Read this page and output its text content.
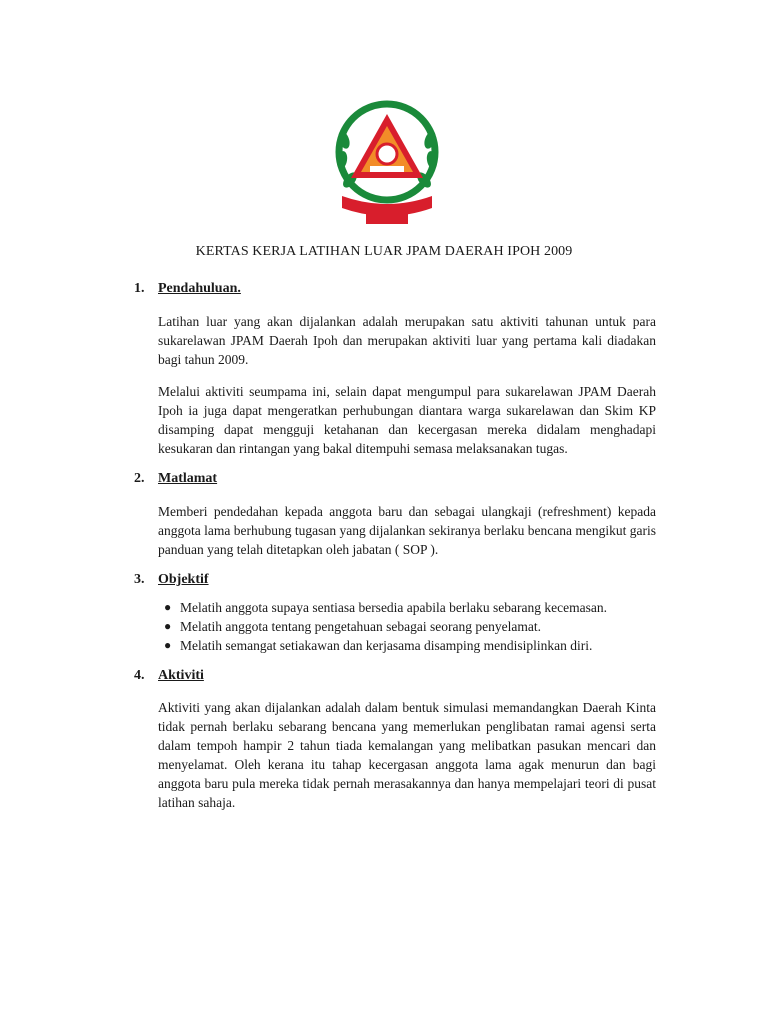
KERTAS KERJA LATIHAN LUAR JPAM DAERAH IPOH 2009
1. Pendahuluan.

Latihan luar yang akan dijalankan adalah merupakan satu aktiviti tahunan untuk para sukarelawan JPAM Daerah Ipoh dan merupakan aktiviti luar yang pertama kali diadakan bagi tahun 2009.

Melalui aktiviti seumpama ini, selain dapat mengumpul para sukarelawan JPAM Daerah Ipoh ia juga dapat mengeratkan perhubungan diantara warga sukarelawan dan Skim KP disamping dapat mengguji ketahanan dan kecergasan mereka didalam menghadapi kesukaran dan rintangan yang bakal ditempuhi semasa melaksanakan tugas.

2. Matlamat

Memberi pendedahan kepada anggota baru dan sebagai ulangkaji (refreshment) kepada anggota lama berhubung tugasan yang dijalankan sekiranya berlaku bencana mengikut garis panduan yang telah ditetapkan oleh jabatan ( SOP ).

3. Objektif
● Melatih anggota supaya sentiasa bersedia apabila berlaku sebarang kecemasan.
● Melatih anggota tentang pengetahuan sebagai seorang penyelamat.
● Melatih semangat setiakawan dan kerjasama disamping mendisiplinkan diri.
4. Aktiviti

Aktiviti yang akan dijalankan adalah dalam bentuk simulasi memandangkan Daerah Kinta tidak pernah berlaku sebarang bencana yang memerlukan penglibatan ramai agensi serta dalam tempoh hampir 2 tahun tiada kemalangan yang melibatkan pasukan mencari dan menyelamat. Oleh kerana itu tahap kecergasan anggota lama agak menurun dan bagi anggota baru pula mereka tidak pernah merasakannya dan hanya mempelajari teori di pusat latihan sahaja.
